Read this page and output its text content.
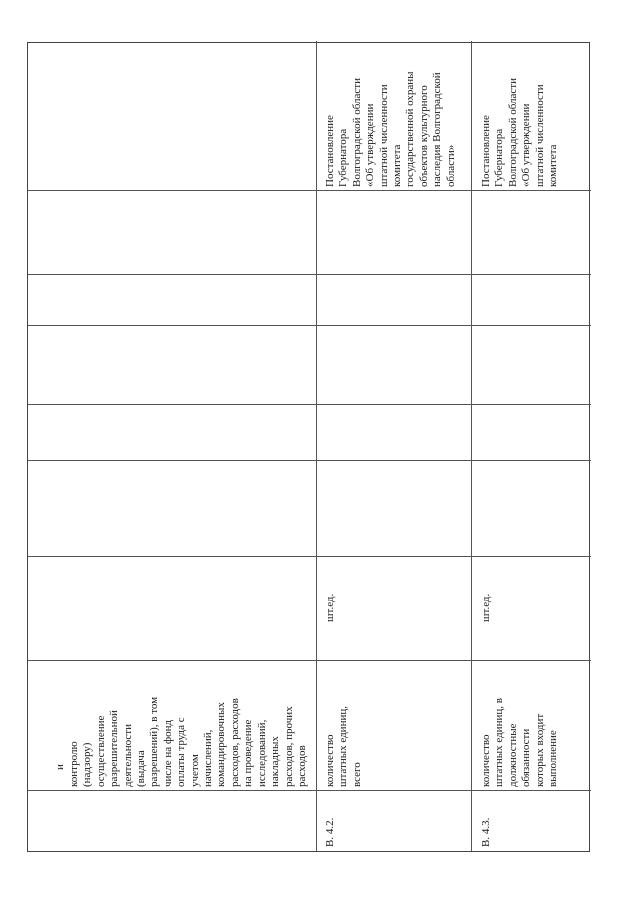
и контролю
(надзору)
осуществление
разрешительной
деятельности
(выдача
разрешений), в том
числе на фонд
оплаты труда с
учетом
начислений,
командировочных
расходов, расходов
на проведение
исследований,
накладных
расходов, прочих
расходов
В. 4.2.
количество
штатных единиц,
всего
шт.ед.
Постановление
Губернатора
Волгоградской области
«Об утверждении
штатной численности
комитета
государственной охраны
объектов культурного
наследия Волгоградской
области»
В. 4.3.
количество
штатных единиц, в
должностные
обязанности
которых входит
выполнение
шт.ед.
Постановление
Губернатора
Волгоградской области
«Об утверждении
штатной численности
комитета
